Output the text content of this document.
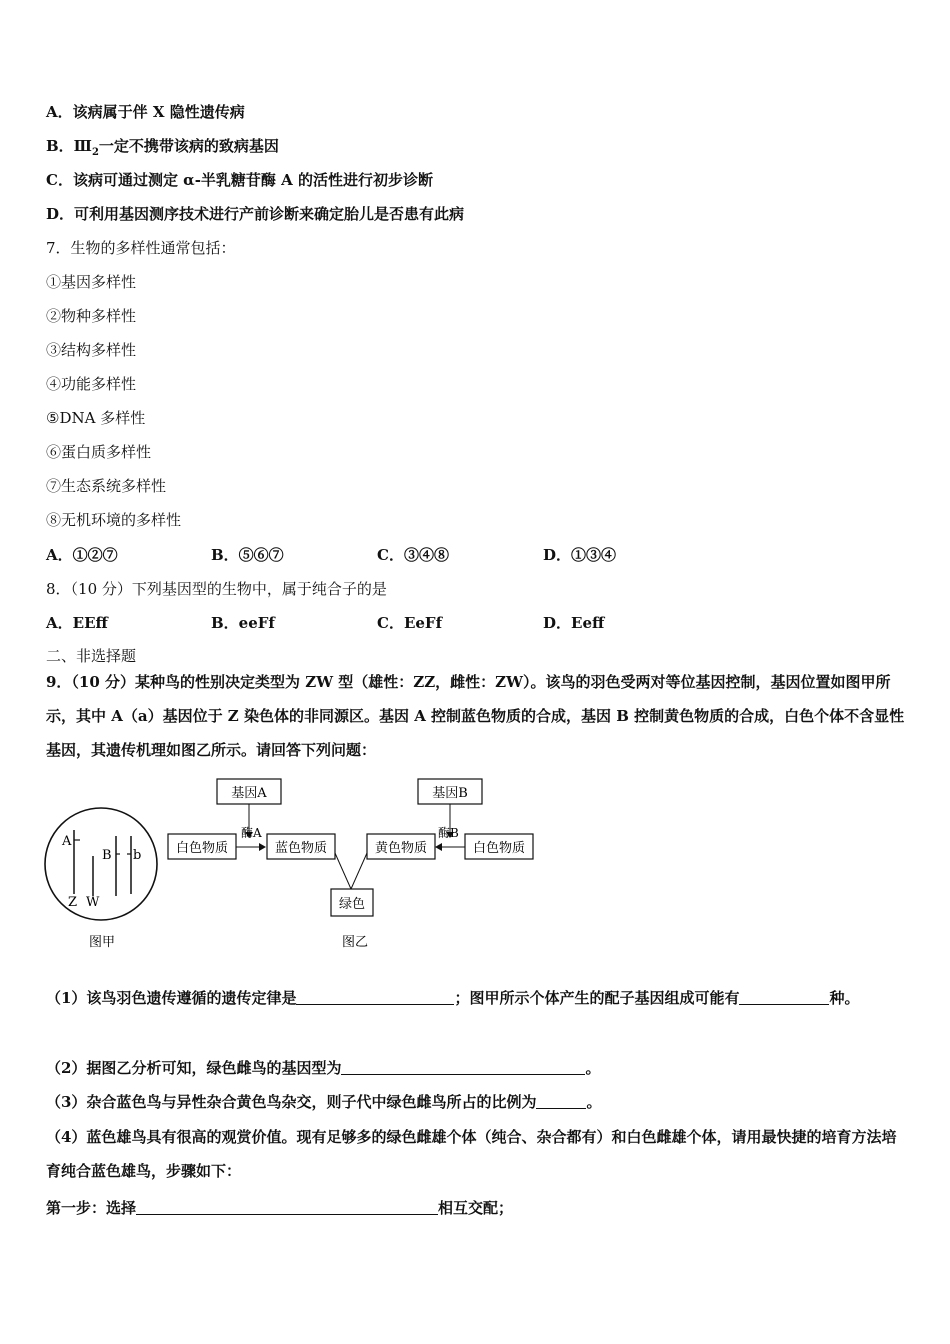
A．该病属于伴 X 隐性遗传病
B．$Ⅲ_2$一定不携带该病的致病基因
C．该病可通过测定 α-半乳糖苷酶 A 的活性进行初步诊断
D．可利用基因测序技术进行产前诊断来确定胎儿是否患有此病
7．生物的多样性通常包括：
①基因多样性
②物种多样性
③结构多样性
④功能多样性
⑤DNA 多样性
⑥蛋白质多样性
⑦生态系统多样性
⑧无机环境的多样性
A．①②⑦	B．⑤⑥⑦	C．③④⑧	D．①③④
8．（10 分）下列基因型的生物中，属于纯合子的是
A．EEff	B．eeFf	C．EeFf	D．Eeff
二、非选择题
9．（10 分）某种鸟的性别决定类型为 ZW 型（雄性：ZZ，雌性：ZW）。该鸟的羽色受两对等位基因控制，基因位置如图甲所示，其中 A（a）基因位于 Z 染色体的非同源区。基因 A 控制蓝色物质的合成，基因 B 控制黄色物质的合成，白色个体不含显性基因，其遗传机理如图乙所示。请回答下列问题：
A
B b
Z W
图甲
基因A
酶A
白色物质	蓝色物质	黄色物质
基因B
酶B
白色物质
绿色
图乙
（1）该鸟羽色遗传遵循的遗传定律是	；图甲所示个体产生的配子基因组成可能有	种。
（2）据图乙分析可知，绿色雌鸟的基因型为	。
（3）杂合蓝色鸟与异性杂合黄色鸟杂交，则子代中绿色雌鸟所占的比例为	。
（4）蓝色雄鸟具有很高的观赏价值。现有足够多的绿色雌雄个体（纯合、杂合都有）和白色雌雄个体，请用最快捷的培育方法培育纯合蓝色雄鸟，步骤如下：
第一步：选择	相互交配；
